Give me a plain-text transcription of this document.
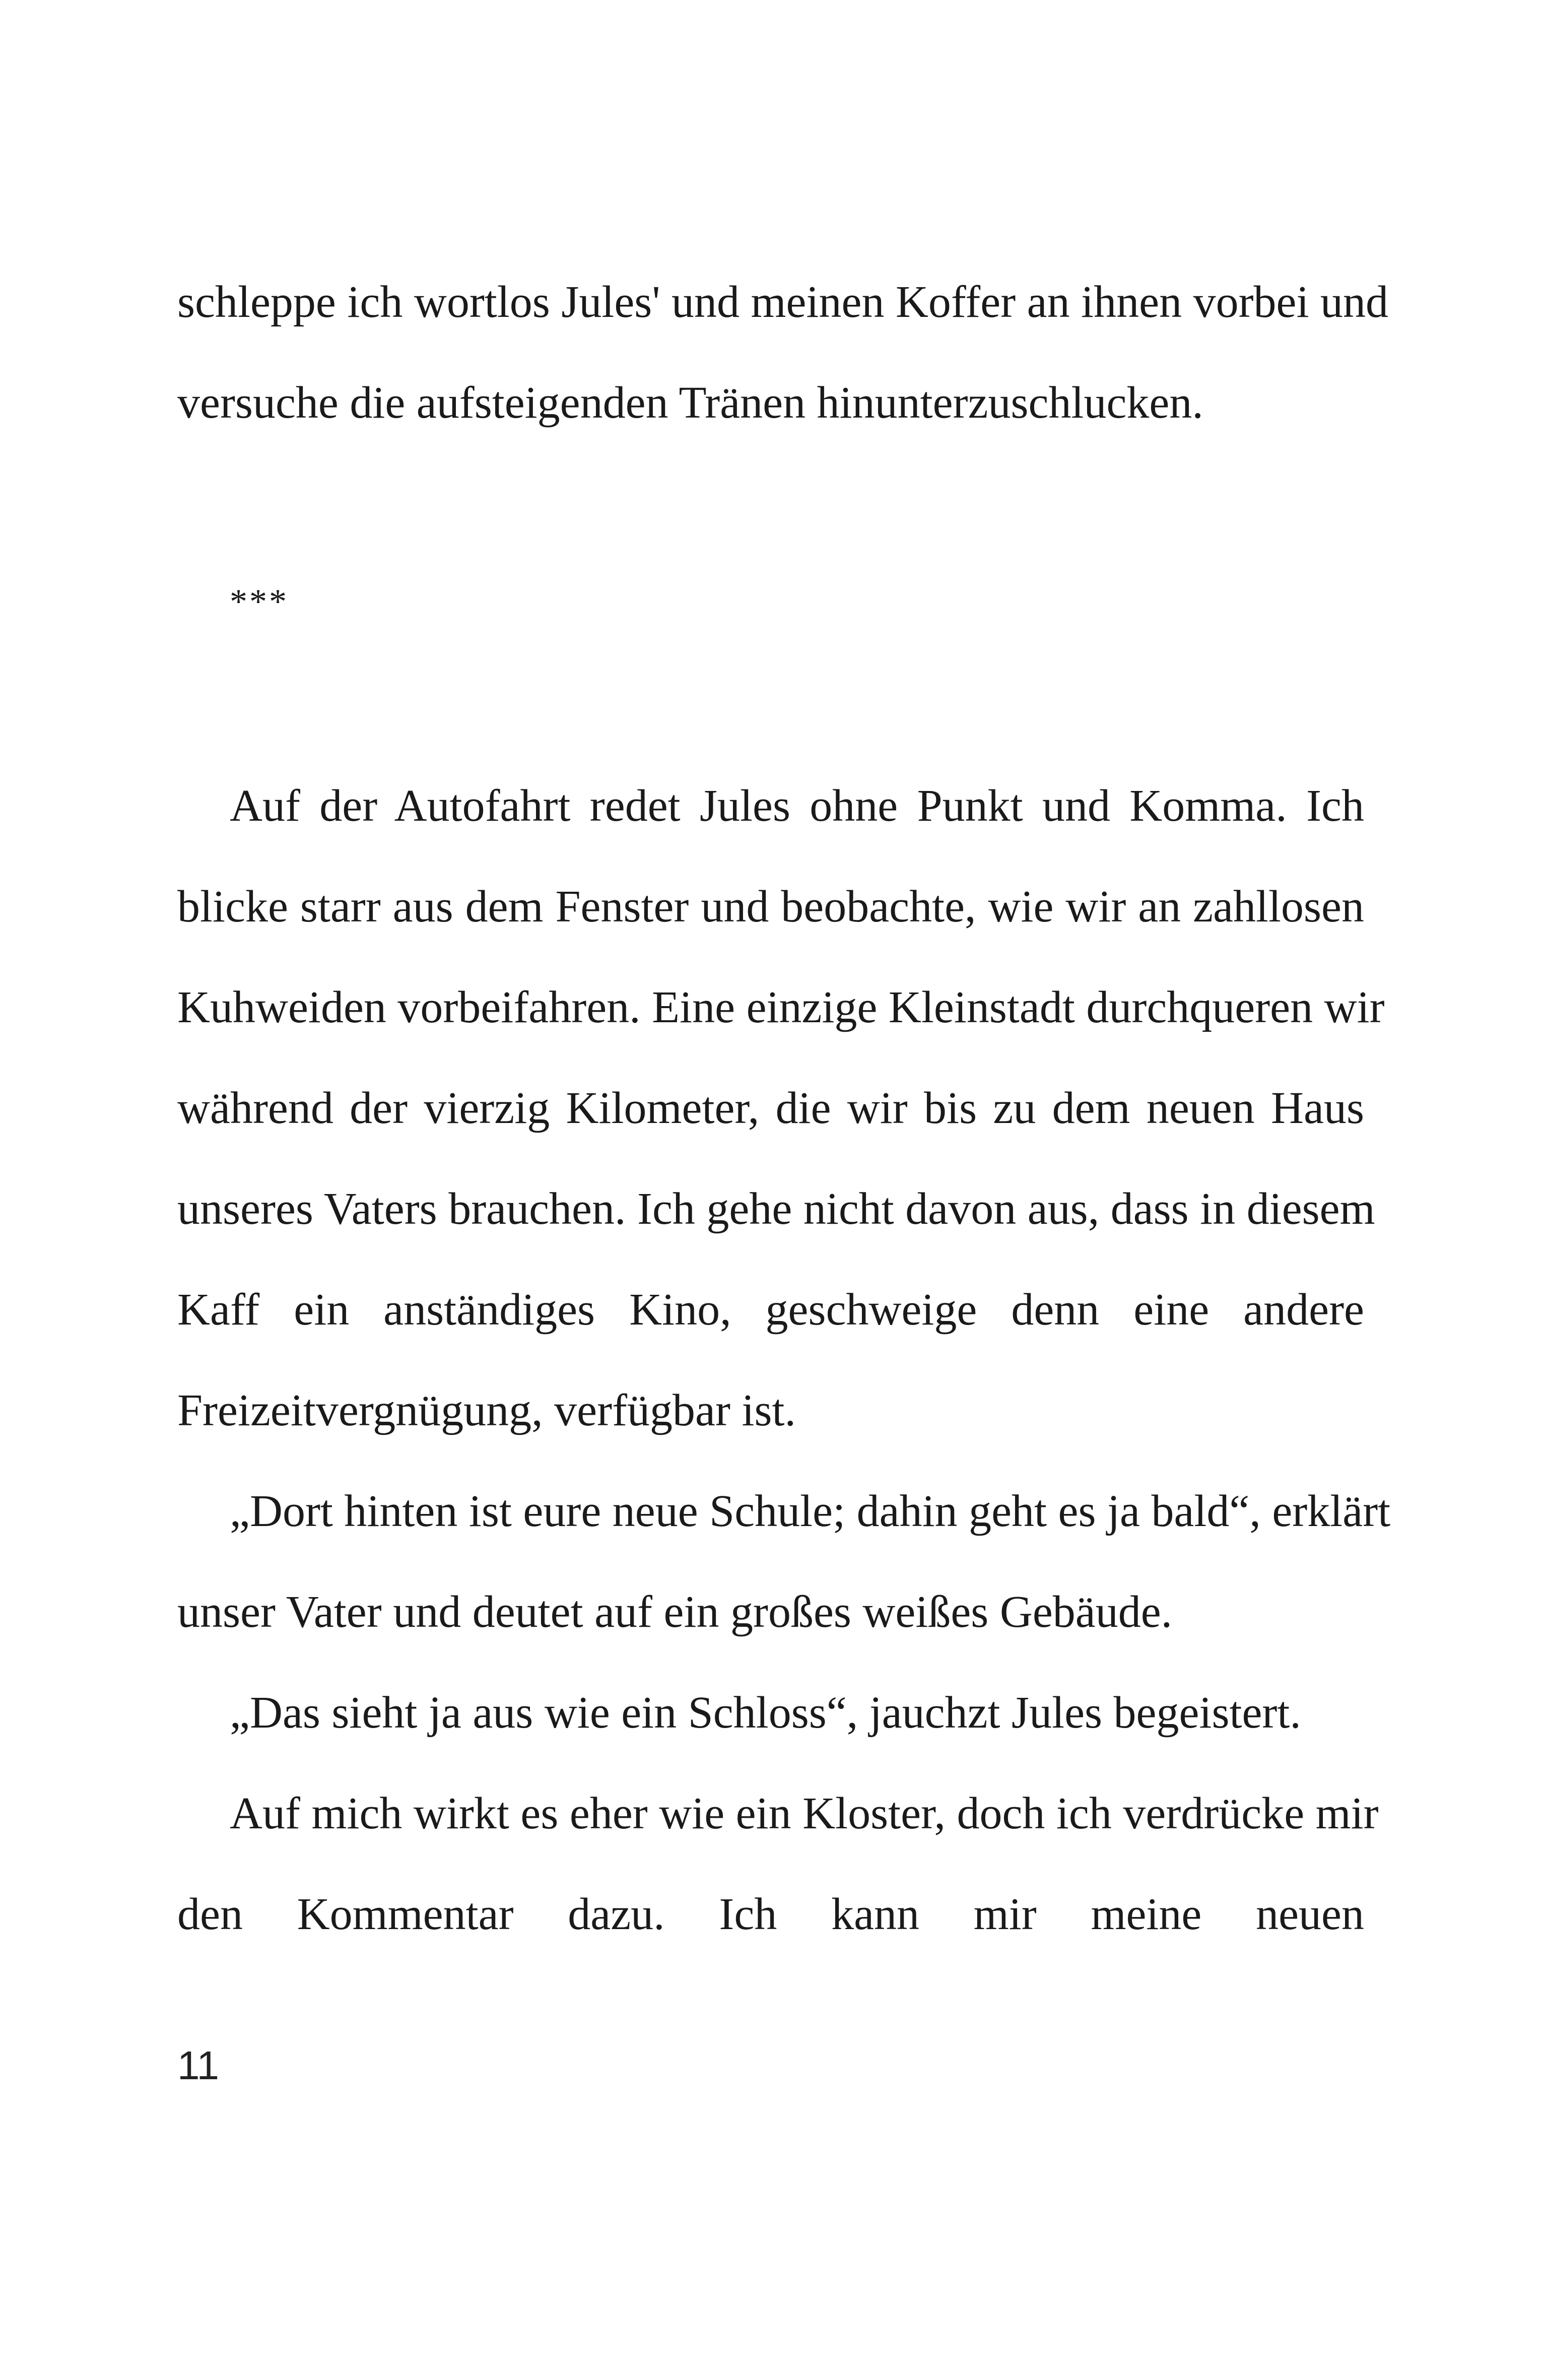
schleppe ich wortlos Jules' und meinen Koffer an ihnen vorbei und
versuche die aufsteigenden Tränen hinunterzuschlucken.
***
Auf der Autofahrt redet Jules ohne Punkt und Komma. Ich
blicke starr aus dem Fenster und beobachte, wie wir an zahllosen
Kuhweiden vorbeifahren. Eine einzige Kleinstadt durchqueren wir
während der vierzig Kilometer, die wir bis zu dem neuen Haus
unseres Vaters brauchen. Ich gehe nicht davon aus, dass in diesem
Kaff ein anständiges Kino, geschweige denn eine andere
Freizeitvergnügung, verfügbar ist.
„Dort hinten ist eure neue Schule; dahin geht es ja bald“, erklärt
unser Vater und deutet auf ein großes weißes Gebäude.
„Das sieht ja aus wie ein Schloss“, jauchzt Jules begeistert.
Auf mich wirkt es eher wie ein Kloster, doch ich verdrücke mir
den Kommentar dazu. Ich kann mir meine neuen
11
